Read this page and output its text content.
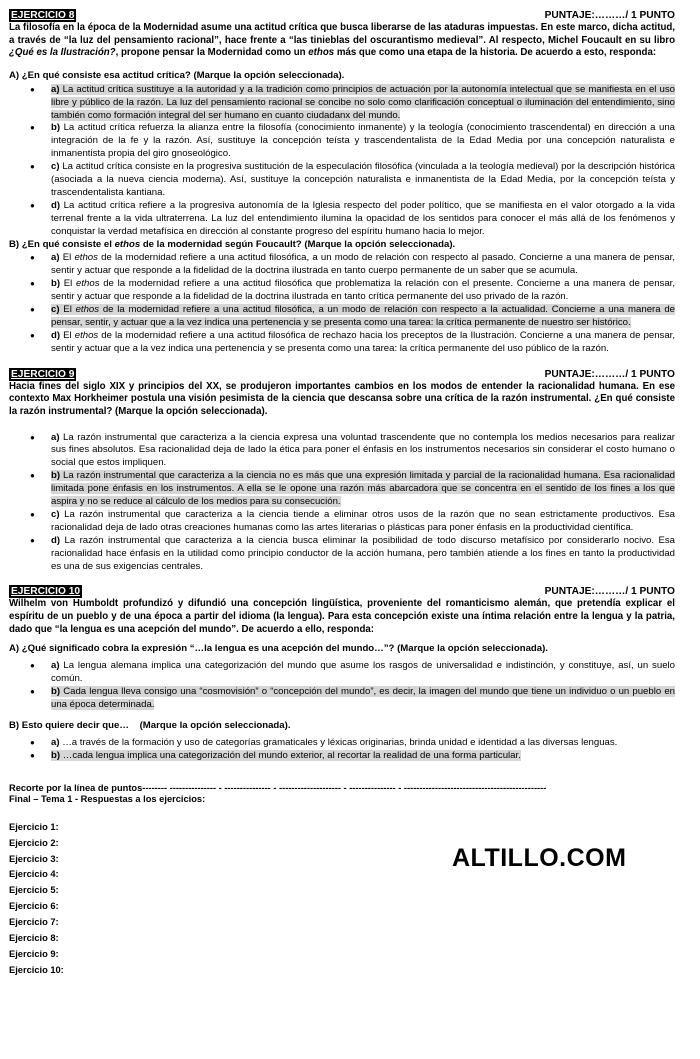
EJERCICIO 8	PUNTAJE:………/ 1 PUNTO
La filosofía en la época de la Modernidad asume una actitud crítica que busca liberarse de las ataduras impuestas. En este marco, dicha actitud, a través de “la luz del pensamiento racional”, hace frente a “las tinieblas del oscurantismo medieval”. Al respecto, Michel Foucault en su libro ¿Qué es la Ilustración?, propone pensar la Modernidad como un ethos más que como una etapa de la historia. De acuerdo a esto, responda:
A) ¿En qué consiste esa actitud crítica? (Marque la opción seleccionada).
● a) La actitud crítica sustituye a la autoridad y a la tradición como principios de actuación por la autonomía intelectual que se manifiesta en el uso libre y público de la razón. La luz del pensamiento racional se concibe no solo como clarificación conceptual o iluminación del entendimiento, sino también como formación integral del ser humano en cuanto ciudadanx del mundo.
● b) La actitud crítica refuerza la alianza entre la filosofía (conocimiento inmanente) y la teología (conocimiento trascendental) en dirección a una integración de la fe y la razón. Así, sustituye la concepción teísta y trascendentalista de la Edad Media por una concepción naturalista e inmanentista propia del giro gnoseológico.
● c) La actitud crítica consiste en la progresiva sustitución de la especulación filosófica (vinculada a la teología medieval) por la descripción histórica (asociada a la nueva ciencia moderna). Así, sustituye la concepción naturalista e inmanentista de la Edad Media, por la concepción teísta y trascendentalista kantiana.
● d) La actitud crítica refiere a la progresiva autonomía de la Iglesia respecto del poder político, que se manifiesta en el valor otorgado a la vida terrenal frente a la vida ultraterrena. La luz del entendimiento ilumina la opacidad de los sentidos para conocer el más allá de los fenómenos y conquistar la verdad metafísica en dirección al constante progreso del espíritu humano hacia lo mejor.
B) ¿En qué consiste el ethos de la modernidad según Foucault? (Marque la opción seleccionada).
● a) El ethos de la modernidad refiere a una actitud filosófica, a un modo de relación con respecto al pasado. Concierne a una manera de pensar, sentir y actuar que responde a la fidelidad de la doctrina ilustrada en tanto cuerpo permanente de un saber que se acumula.
● b) El ethos de la modernidad refiere a una actitud filosófica que problematiza la relación con el presente. Concierne a una manera de pensar, sentir y actuar que responde a la fidelidad de la doctrina ilustrada en tanto crítica permanente del uso privado de la razón.
● c) El ethos de la modernidad refiere a una actitud filosófica, a un modo de relación con respecto a la actualidad. Concierne a una manera de pensar, sentir, y actuar que a la vez indica una pertenencia y se presenta como una tarea: la crítica permanente de nuestro ser histórico.
● d) El ethos de la modernidad refiere a una actitud filosófica de rechazo hacia los preceptos de la Ilustración. Concierne a una manera de pensar, sentir y actuar que a la vez indica una pertenencia y se presenta como una tarea: la crítica permanente del uso público de la razón.
EJERCICIO 9	PUNTAJE:………/ 1 PUNTO
Hacia fines del siglo XIX y principios del XX, se produjeron importantes cambios en los modos de entender la racionalidad humana. En ese contexto Max Horkheimer postula una visión pesimista de la ciencia que descansa sobre una crítica de la razón instrumental. ¿En qué consiste la razón instrumental? (Marque la opción seleccionada).
● a) La razón instrumental que caracteriza a la ciencia expresa una voluntad trascendente que no contempla los medios necesarios para realizar sus fines absolutos. Esa racionalidad deja de lado la ética para poner el énfasis en los instrumentos necesarios sin considerar el costo humano o social que estos impliquen.
● b) La razón instrumental que caracteriza a la ciencia no es más que una expresión limitada y parcial de la racionalidad humana. Esa racionalidad limitada pone énfasis en los instrumentos. A ella se le opone una razón más abarcadora que se concentra en el sentido de los fines a los que aspira y no se reduce al cálculo de los medios para su consecución.
● c) La razón instrumental que caracteriza a la ciencia tiende a eliminar otros usos de la razón que no sean estrictamente productivos. Esa racionalidad deja de lado otras creaciones humanas como las artes literarias o plásticas para poner énfasis en la productividad científica.
● d) La razón instrumental que caracteriza a la ciencia busca eliminar la posibilidad de todo discurso metafísico por considerarlo nocivo. Esa racionalidad hace énfasis en la utilidad como principio conductor de la acción humana, pero también atiende a los fines en tanto la productividad es una de sus exigencias centrales.
EJERCICIO 10	PUNTAJE:………/ 1 PUNTO
Wilhelm von Humboldt profundizó y difundió una concepción lingüística, proveniente del romanticismo alemán, que pretendía explicar el espíritu de un pueblo y de una época a partir del idioma (la lengua). Para esta concepción existe una íntima relación entre la lengua y la patria, dado que “la lengua es una acepción del mundo”. De acuerdo a ello, responda:
A) ¿Qué significado cobra la expresión “…la lengua es una acepción del mundo…”? (Marque la opción seleccionada).
● a) La lengua alemana implica una categorización del mundo que asume los rasgos de universalidad e indistinción, y constituye, así, un suelo común.
● b) Cada lengua lleva consigo una “cosmovisión” o “concepción del mundo”, es decir, la imagen del mundo que tiene un individuo o un pueblo en una época determinada.
B) Esto quiere decir que…    (Marque la opción seleccionada).
● a) …a través de la formación y uso de categorías gramaticales y léxicas originarias, brinda unidad e identidad a las diversas lenguas.
● b) …cada lengua implica una categorización del mundo exterior, al recortar la realidad de una forma particular.
Recorte por la línea de puntos-------- --------------- - --------------- - -------------------- - --------------- - ----------------------------------------------
Final – Tema 1 - Respuestas a los ejercicios:
Ejercicio 1:
Ejercicio 2:
Ejercicio 3:
Ejercicio 4:
Ejercicio 5:
Ejercicio 6:
Ejercicio 7:
Ejercicio 8:
Ejercicio 9:
Ejercicio 10:
ALTILLO.COM
